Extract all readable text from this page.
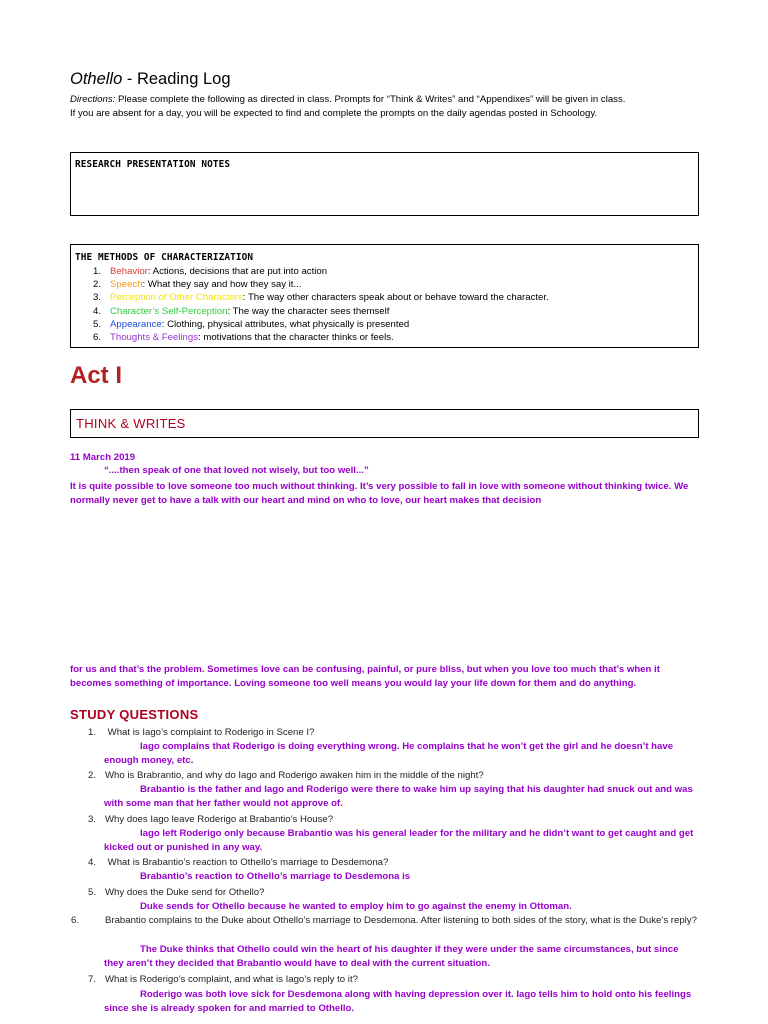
Othello - Reading Log
Directions: Please complete the following as directed in class. Prompts for “Think & Writes” and “Appendixes” will be given in class.
If you are absent for a day, you will be expected to find and complete the prompts on the daily agendas posted in Schoology.
RESEARCH PRESENTATION NOTES
THE METHODS OF CHARACTERIZATION
1. Behavior: Actions, decisions that are put into action
2. Speech: What they say and how they say it...
3. Perception of Other Characters: The way other characters speak about or behave toward the character.
4. Character’s Self-Perception: The way the character sees themself
5. Appearance: Clothing, physical attributes, what physically is presented
6. Thoughts & Feelings: motivations that the character thinks or feels.
Act I
THINK & WRITES
11 March 2019
“....then speak of one that loved not wisely, but too well...”
It is quite possible to love someone too much without thinking. It’s very possible to fall in love with someone without thinking twice. We normally never get to have a talk with our heart and mind on who to love, our heart makes that decision
for us and that’s the problem. Sometimes love can be confusing, painful, or pure bliss, but when you love too much that’s when it becomes something of importance. Loving someone too well means you would lay your life down for them and do anything.
STUDY QUESTIONS
1. What is Iago’s complaint to Roderigo in Scene I?
Iago complains that Roderigo is doing everything wrong. He complains that he won’t get the girl and he doesn’t have enough money, etc.
2. Who is Brabrantio, and why do Iago and Roderigo awaken him in the middle of the night?
Brabantio is the father and Iago and Roderigo were there to wake him up saying that his daughter had snuck out and was with some man that her father would not approve of.
3. Why does Iago leave Roderigo at Brabantio’s House?
Iago left Roderigo only because Brabantio was his general leader for the military and he didn’t want to get caught and get kicked out or punished in any way.
4. What is Brabantio’s reaction to Othello’s marriage to Desdemona?
Brabantio’s reaction to Othello’s marriage to Desdemona is
5. Why does the Duke send for Othello?
Duke sends for Othello because he wanted to employ him to go against the enemy in Ottoman.
6.	Brabantio complains to the Duke about Othello’s marriage to Desdemona. After listening to both sides of the story, what is the Duke’s reply?
The Duke thinks that Othello could win the heart of his daughter if they were under the same circumstances, but since they aren’t they decided that Brabantio would have to deal with the current situation.
7. What is Roderigo’s complaint, and what is Iago’s reply to it?
Roderigo was both love sick for Desdemona along with having depression over it. Iago tells him to hold onto his feelings since she is already spoken for and married to Othello.
